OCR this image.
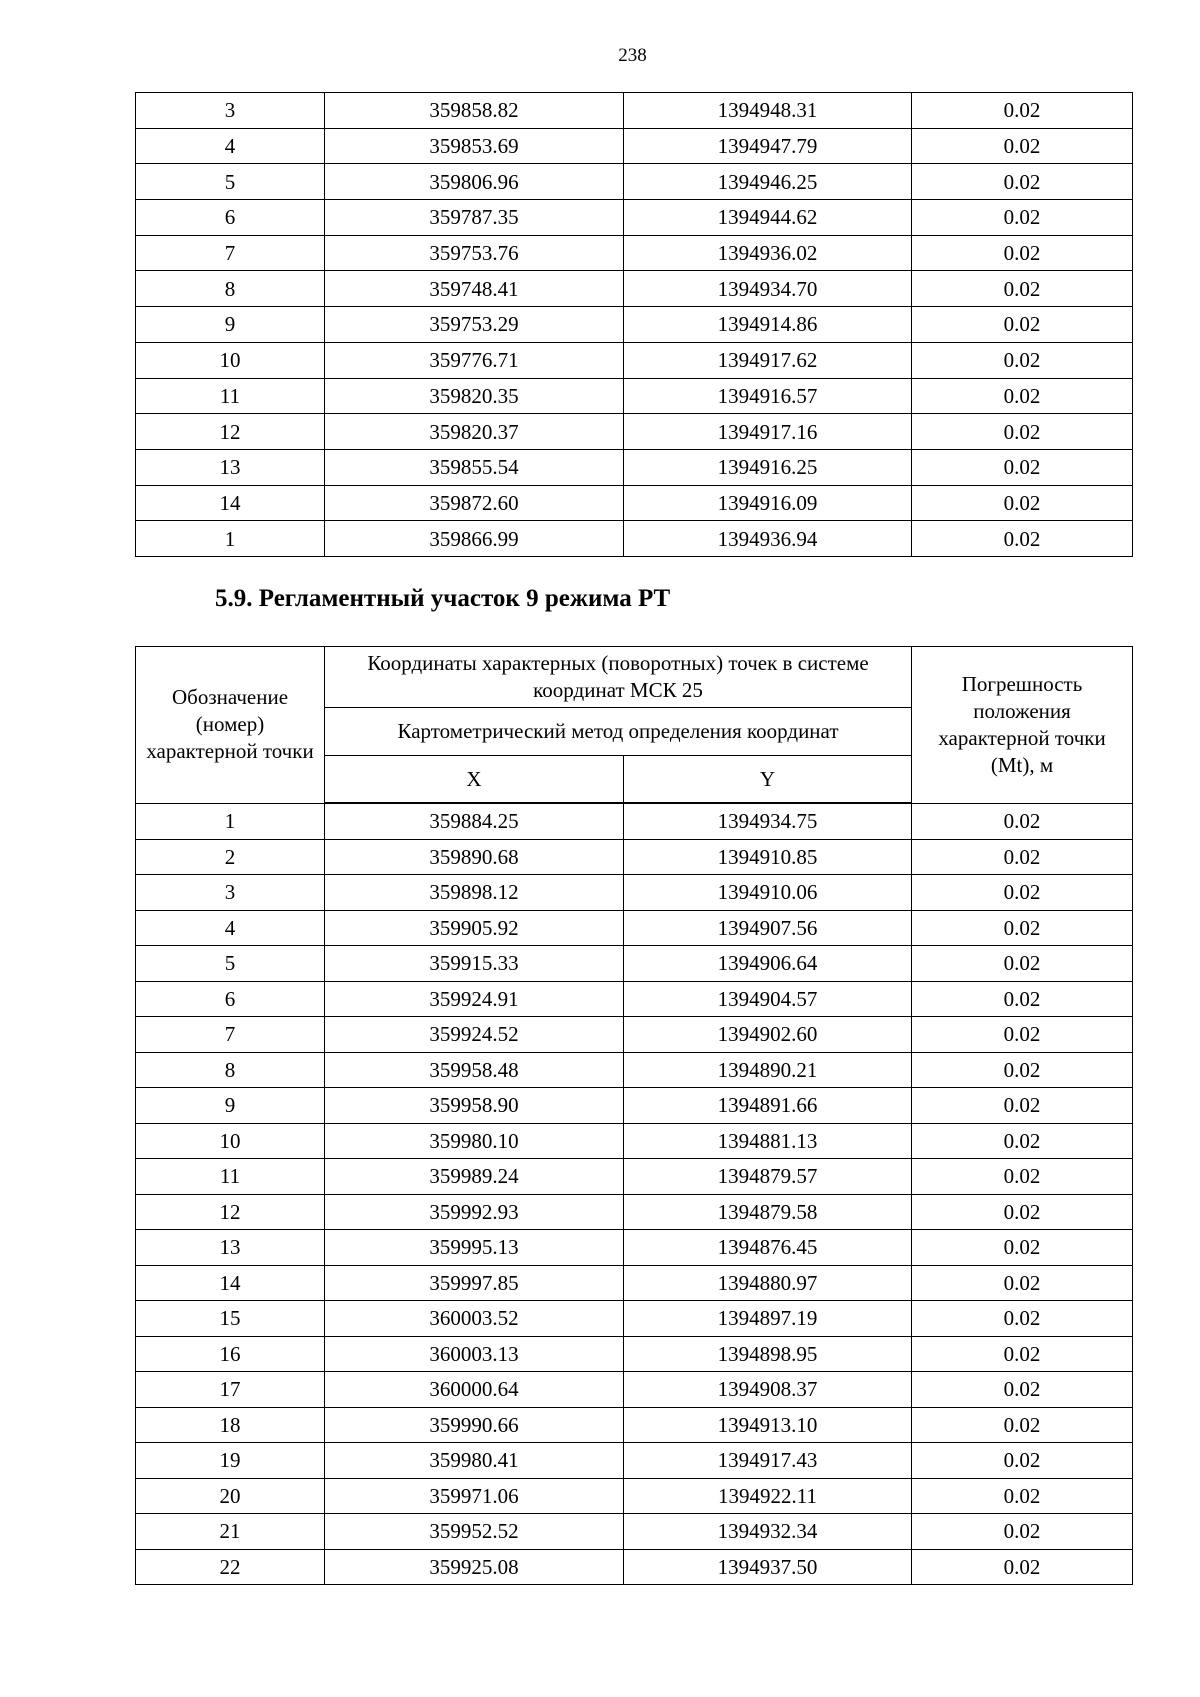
238
3	359858.82	1394948.31	0.02
4	359853.69	1394947.79	0.02
5	359806.96	1394946.25	0.02
6	359787.35	1394944.62	0.02
7	359753.76	1394936.02	0.02
8	359748.41	1394934.70	0.02
9	359753.29	1394914.86	0.02
10	359776.71	1394917.62	0.02
11	359820.35	1394916.57	0.02
12	359820.37	1394917.16	0.02
13	359855.54	1394916.25	0.02
14	359872.60	1394916.09	0.02
1	359866.99	1394936.94	0.02
5.9. Регламентный участок 9 режима РТ
Обозначение (номер) характерной точки	Координаты характерных (поворотных) точек в системе координат МСК 25		Погрешность положения характерной точки (Mt), м
	Картометрический метод определения координат		
	X	Y	
1	359884.25	1394934.75	0.02
2	359890.68	1394910.85	0.02
3	359898.12	1394910.06	0.02
4	359905.92	1394907.56	0.02
5	359915.33	1394906.64	0.02
6	359924.91	1394904.57	0.02
7	359924.52	1394902.60	0.02
8	359958.48	1394890.21	0.02
9	359958.90	1394891.66	0.02
10	359980.10	1394881.13	0.02
11	359989.24	1394879.57	0.02
12	359992.93	1394879.58	0.02
13	359995.13	1394876.45	0.02
14	359997.85	1394880.97	0.02
15	360003.52	1394897.19	0.02
16	360003.13	1394898.95	0.02
17	360000.64	1394908.37	0.02
18	359990.66	1394913.10	0.02
19	359980.41	1394917.43	0.02
20	359971.06	1394922.11	0.02
21	359952.52	1394932.34	0.02
22	359925.08	1394937.50	0.02
